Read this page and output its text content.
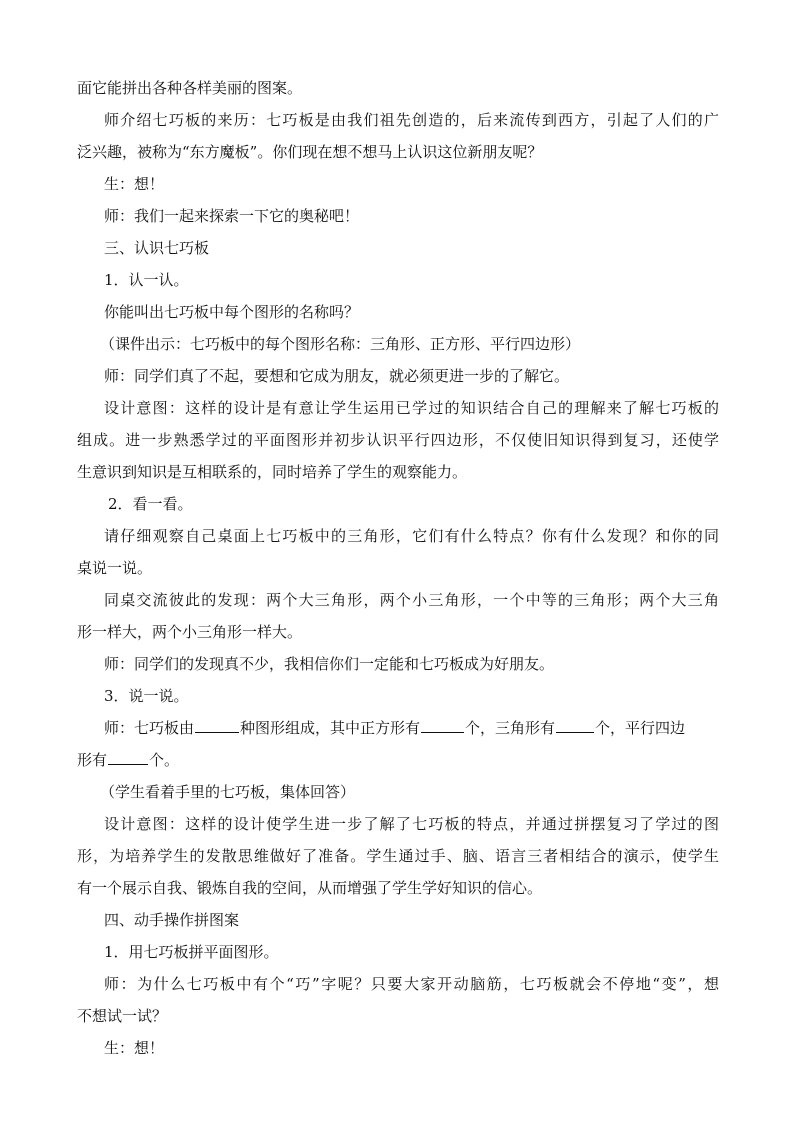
面它能拼出各种各样美丽的图案。

师介绍七巧板的来历：七巧板是由我们祖先创造的，后来流传到西方，引起了人们的广

泛兴趣，被称为“东方魔板”。你们现在想不想马上认识这位新朋友呢？

生：想！

师：我们一起来探索一下它的奥秘吧！

三、认识七巧板

1．认一认。

你能叫出七巧板中每个图形的名称吗？

（课件出示：七巧板中的每个图形名称：三角形、正方形、平行四边形）

师：同学们真了不起，要想和它成为朋友，就必须更进一步的了解它。

设计意图：这样的设计是有意让学生运用已学过的知识结合自己的理解来了解七巧板的

组成。进一步熟悉学过的平面图形并初步认识平行四边形，不仅使旧知识得到复习，还使学

生意识到知识是互相联系的，同时培养了学生的观察能力。

2．看一看。

请仔细观察自己桌面上七巧板中的三角形，它们有什么特点？你有什么发现？和你的同

桌说一说。

同桌交流彼此的发现：两个大三角形，两个小三角形，一个中等的三角形；两个大三角

形一样大，两个小三角形一样大。

师：同学们的发现真不少，我相信你们一定能和七巧板成为好朋友。

3．说一说。

师：七巧板由	种图形组成，其中正方形有	个，三角形有	个，平行四边

形有	个。

（学生看着手里的七巧板，集体回答）

设计意图：这样的设计使学生进一步了解了七巧板的特点，并通过拼摆复习了学过的图

形，为培养学生的发散思维做好了准备。学生通过手、脑、语言三者相结合的演示，使学生

有一个展示自我、锻炼自我的空间，从而增强了学生学好知识的信心。

四、动手操作拼图案

1．用七巧板拼平面图形。

师：为什么七巧板中有个“巧”字呢？只要大家开动脑筋，七巧板就会不停地“变”，想

不想试一试？

生：想！
